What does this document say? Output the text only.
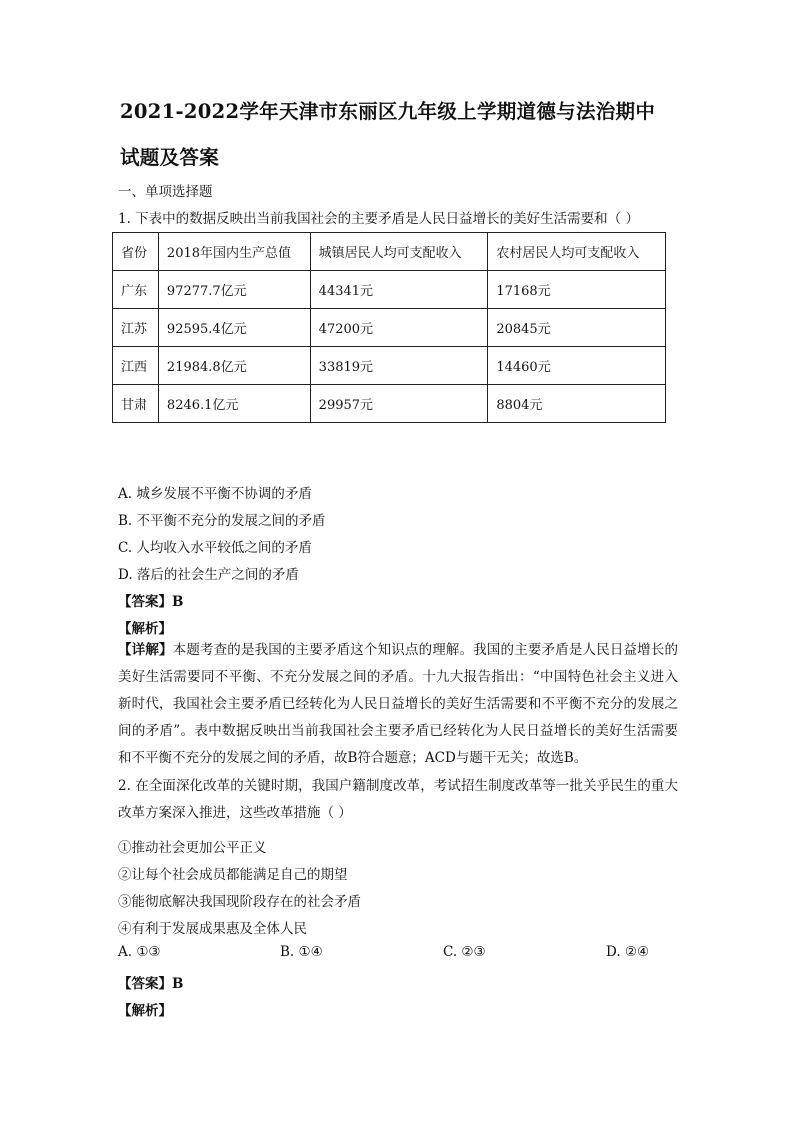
2021-2022学年天津市东丽区九年级上学期道德与法治期中
试题及答案
一、单项选择题
1. 下表中的数据反映出当前我国社会的主要矛盾是人民日益增长的美好生活需要和（ ）
省份	2018年国内生产总值	城镇居民人均可支配收入	农村居民人均可支配收入
广东	97277.7亿元	44341元	17168元
江苏	92595.4亿元	47200元	20845元
江西	21984.8亿元	33819元	14460元
甘肃	8246.1亿元	29957元	8804元
A. 城乡发展不平衡不协调的矛盾
B. 不平衡不充分的发展之间的矛盾
C. 人均收入水平较低之间的矛盾
D. 落后的社会生产之间的矛盾
【答案】B
【解析】
【详解】本题考查的是我国的主要矛盾这个知识点的理解。我国的主要矛盾是人民日益增长的美好生活需要同不平衡、不充分发展之间的矛盾。十九大报告指出：“中国特色社会主义进入新时代，我国社会主要矛盾已经转化为人民日益增长的美好生活需要和不平衡不充分的发展之间的矛盾”。表中数据反映出当前我国社会主要矛盾已经转化为人民日益增长的美好生活需要和不平衡不充分的发展之间的矛盾，故B符合题意；ACD与题干无关；故选B。
2. 在全面深化改革的关键时期，我国户籍制度改革，考试招生制度改革等一批关乎民生的重大改革方案深入推进，这些改革措施（ ）
①推动社会更加公平正义
②让每个社会成员都能满足自己的期望
③能彻底解决我国现阶段存在的社会矛盾
④有利于发展成果惠及全体人民
A. ①③	B. ①④	C. ②③	D. ②④
【答案】B
【解析】
